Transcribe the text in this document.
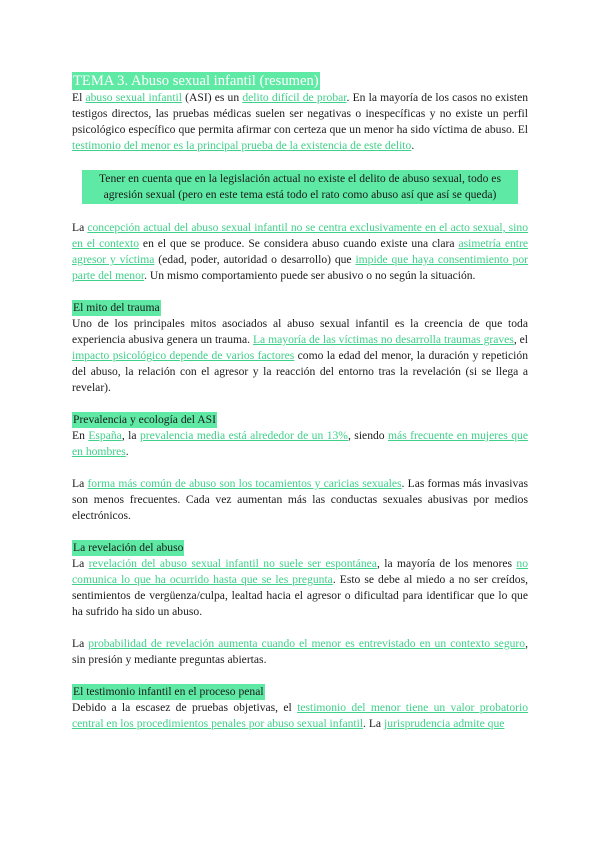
TEMA 3. Abuso sexual infantil (resumen)

El abuso sexual infantil (ASI) es un delito difícil de probar. En la mayoría de los casos no existen testigos directos, las pruebas médicas suelen ser negativas o inespecíficas y no existe un perfil psicológico específico que permita afirmar con certeza que un menor ha sido víctima de abuso. El testimonio del menor es la principal prueba de la existencia de este delito.

Tener en cuenta que en la legislación actual no existe el delito de abuso sexual, todo es agresión sexual (pero en este tema está todo el rato como abuso así que así se queda)

La concepción actual del abuso sexual infantil no se centra exclusivamente en el acto sexual, sino en el contexto en el que se produce. Se considera abuso cuando existe una clara asimetría entre agresor y víctima (edad, poder, autoridad o desarrollo) que impide que haya consentimiento por parte del menor. Un mismo comportamiento puede ser abusivo o no según la situación.

El mito del trauma

Uno de los principales mitos asociados al abuso sexual infantil es la creencia de que toda experiencia abusiva genera un trauma. La mayoría de las víctimas no desarrolla traumas graves, el impacto psicológico depende de varios factores como la edad del menor, la duración y repetición del abuso, la relación con el agresor y la reacción del entorno tras la revelación (si se llega a revelar).

Prevalencia y ecología del ASI

En España, la prevalencia media está alrededor de un 13%, siendo más frecuente en mujeres que en hombres.

La forma más común de abuso son los tocamientos y caricias sexuales. Las formas más invasivas son menos frecuentes. Cada vez aumentan más las conductas sexuales abusivas por medios electrónicos.

La revelación del abuso

La revelación del abuso sexual infantil no suele ser espontánea, la mayoría de los menores no comunica lo que ha ocurrido hasta que se les pregunta. Esto se debe al miedo a no ser creídos, sentimientos de vergüenza/culpa, lealtad hacia el agresor o dificultad para identificar que lo que ha sufrido ha sido un abuso.

La probabilidad de revelación aumenta cuando el menor es entrevistado en un contexto seguro, sin presión y mediante preguntas abiertas.

El testimonio infantil en el proceso penal

Debido a la escasez de pruebas objetivas, el testimonio del menor tiene un valor probatorio central en los procedimientos penales por abuso sexual infantil. La jurisprudencia admite que
